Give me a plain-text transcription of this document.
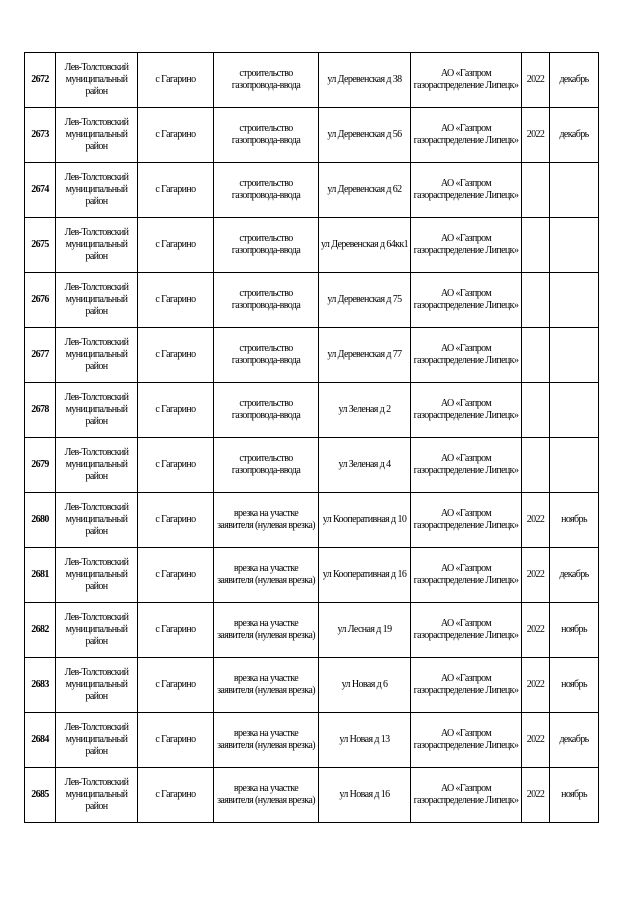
2672	Лев-Толстовский муниципальный район	с Гагарино	строительство газопровода-ввода	ул Деревенская д 38	АО «Газпром газораспределение Липецк»	2022	декабрь
2673	Лев-Толстовский муниципальный район	с Гагарино	строительство газопровода-ввода	ул Деревенская д 56	АО «Газпром газораспределение Липецк»	2022	декабрь
2674	Лев-Толстовский муниципальный район	с Гагарино	строительство газопровода-ввода	ул Деревенская д 62	АО «Газпром газораспределение Липецк»		
2675	Лев-Толстовский муниципальный район	с Гагарино	строительство газопровода-ввода	ул Деревенская д 64кк1	АО «Газпром газораспределение Липецк»		
2676	Лев-Толстовский муниципальный район	с Гагарино	строительство газопровода-ввода	ул Деревенская д 75	АО «Газпром газораспределение Липецк»		
2677	Лев-Толстовский муниципальный район	с Гагарино	строительство газопровода-ввода	ул Деревенская д 77	АО «Газпром газораспределение Липецк»		
2678	Лев-Толстовский муниципальный район	с Гагарино	строительство газопровода-ввода	ул Зеленая д 2	АО «Газпром газораспределение Липецк»		
2679	Лев-Толстовский муниципальный район	с Гагарино	строительство газопровода-ввода	ул Зеленая д 4	АО «Газпром газораспределение Липецк»		
2680	Лев-Толстовский муниципальный район	с Гагарино	врезка на участке заявителя (нулевая врезка)	ул Кооперативная д 10	АО «Газпром газораспределение Липецк»	2022	ноябрь
2681	Лев-Толстовский муниципальный район	с Гагарино	врезка на участке заявителя (нулевая врезка)	ул Кооперативная д 16	АО «Газпром газораспределение Липецк»	2022	декабрь
2682	Лев-Толстовский муниципальный район	с Гагарино	врезка на участке заявителя (нулевая врезка)	ул Лесная д 19	АО «Газпром газораспределение Липецк»	2022	ноябрь
2683	Лев-Толстовский муниципальный район	с Гагарино	врезка на участке заявителя (нулевая врезка)	ул Новая д 6	АО «Газпром газораспределение Липецк»	2022	ноябрь
2684	Лев-Толстовский муниципальный район	с Гагарино	врезка на участке заявителя (нулевая врезка)	ул Новая д 13	АО «Газпром газораспределение Липецк»	2022	декабрь
2685	Лев-Толстовский муниципальный район	с Гагарино	врезка на участке заявителя (нулевая врезка)	ул Новая д 16	АО «Газпром газораспределение Липецк»	2022	ноябрь
